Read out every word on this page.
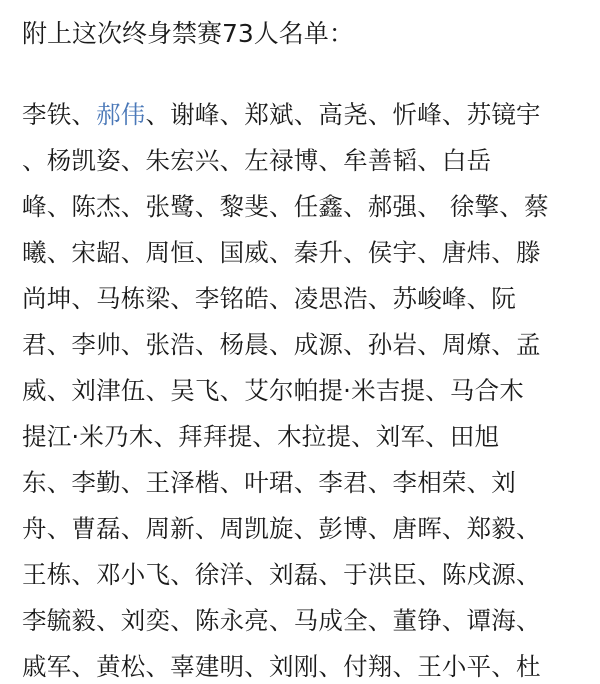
附上这次终身禁赛73人名单：
李铁、郝伟、谢峰、郑斌、高尧、忻峰、苏镜宇
、杨凯姿、朱宏兴、左禄博、牟善韬、白岳
峰、陈杰、张鹭、黎斐、任鑫、郝强、 徐擎、蔡
曦、宋龆、周恒、国威、秦升、侯宇、唐炜、滕
尚坤、马栋梁、李铭皓、凌思浩、苏峻峰、阮
君、李帅、张浩、杨晨、成源、孙岩、周燎、孟
威、刘津伍、吴飞、艾尔帕提·米吉提、马合木
提江·米乃木、拜拜提、木拉提、刘军、田旭
东、李勤、王泽楷、叶珺、李君、李相荣、刘
舟、曹磊、周新、周凯旋、彭博、唐晖、郑毅、
王栋、邓小飞、徐洋、刘磊、于洪臣、陈戍源、
李毓毅、刘奕、陈永亮、马成全、董铮、谭海、
戚军、黄松、辜建明、刘刚、付翔、王小平、杜
